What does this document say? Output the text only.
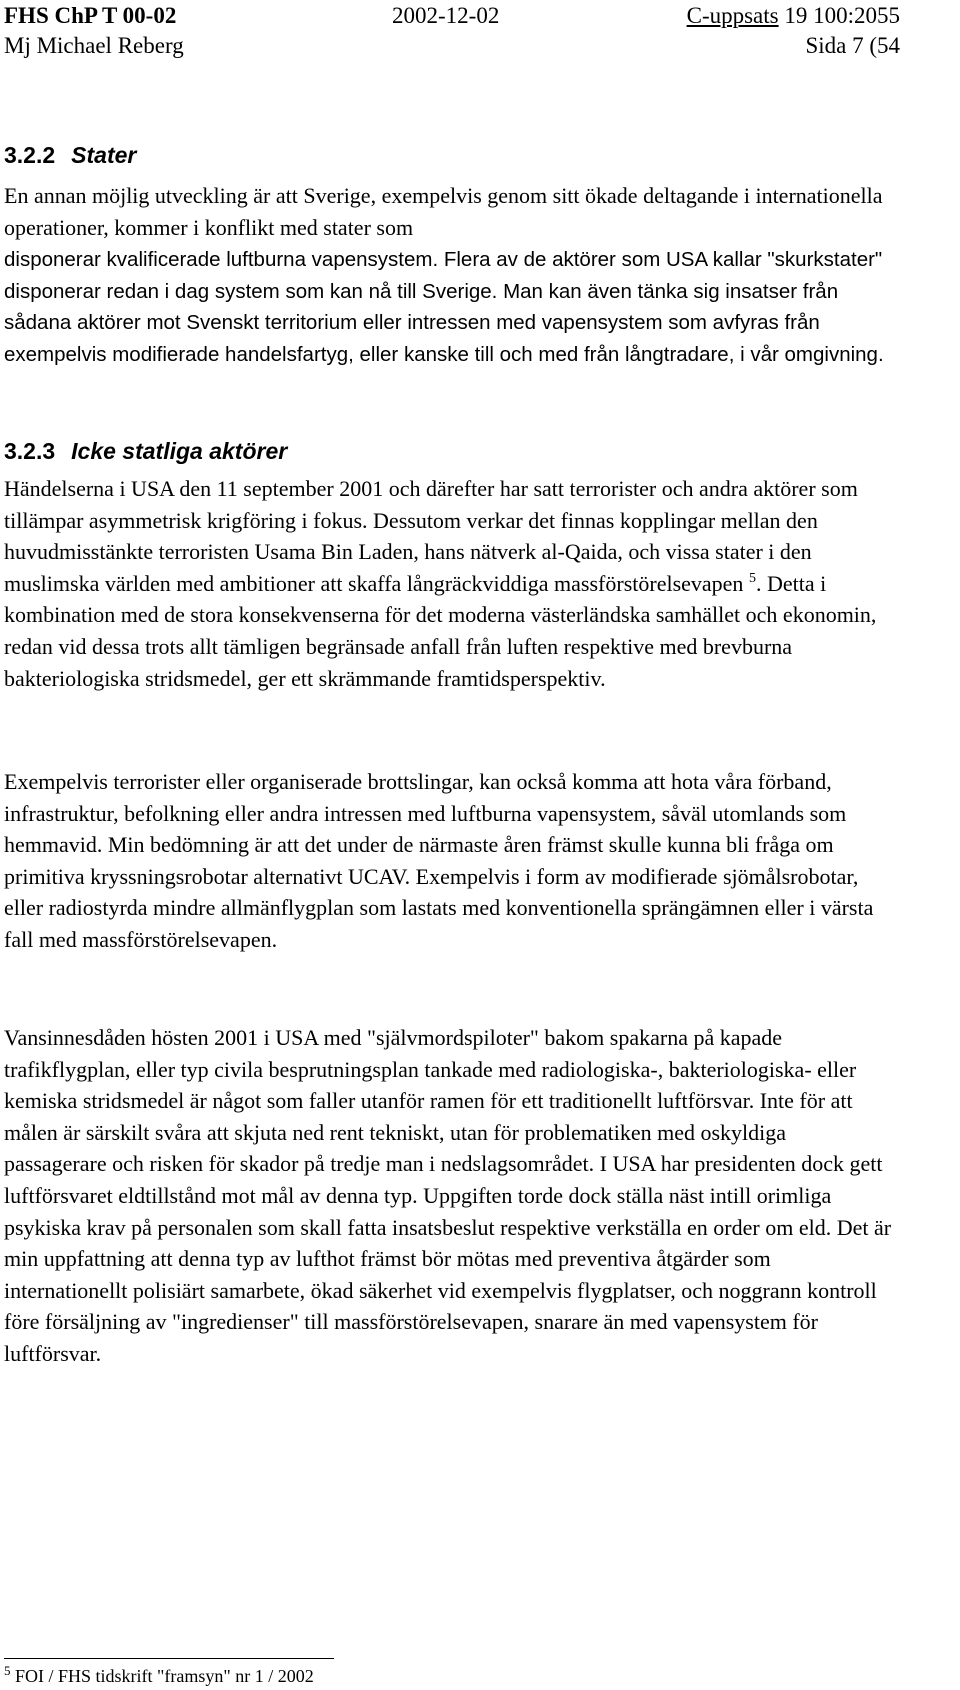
FHS ChP T 00-02	2002-12-02	C-uppsats 19 100:2055
Mj Michael Reberg	Sida 7 (54
3.2.2 Stater

En annan möjlig utveckling är att Sverige, exempelvis genom sitt ökade deltagande i internationella operationer, kommer i konflikt med stater som

disponerar kvalificerade luftburna vapensystem. Flera av de aktörer som USA kallar "skurkstater" disponerar redan i dag system som kan nå till Sverige. Man kan även tänka sig insatser från sådana aktörer mot Svenskt territorium eller intressen med vapensystem som avfyras från exempelvis modifierade handelsfartyg, eller kanske till och med från långtradare, i vår omgivning.

3.2.3 Icke statliga aktörer

Händelserna i USA den 11 september 2001 och därefter har satt terrorister och andra aktörer som tillämpar asymmetrisk krigföring i fokus. Dessutom verkar det finnas kopplingar mellan den huvudmisstänkte terroristen Usama Bin Laden, hans nätverk al-Qaida, och vissa stater i den muslimska världen med ambitioner att skaffa långräckviddiga massförstörelsevapen $^5$. Detta i kombination med de stora konsekvenserna för det moderna västerländska samhället och ekonomin, redan vid dessa trots allt tämligen begränsade anfall från luften respektive med brevburna bakteriologiska stridsmedel, ger ett skrämmande framtidsperspektiv.

Exempelvis terrorister eller organiserade brottslingar, kan också komma att hota våra förband, infrastruktur, befolkning eller andra intressen med luftburna vapensystem, såväl utomlands som hemmavid. Min bedömning är att det under de närmaste åren främst skulle kunna bli fråga om primitiva kryssningsrobotar alternativt UCAV. Exempelvis i form av modifierade sjömålsrobotar, eller radiostyrda mindre allmänflygplan som lastats med konventionella sprängämnen eller i värsta fall med massförstörelsevapen.

Vansinnesdåden hösten 2001 i USA med "självmordspiloter" bakom spakarna på kapade trafikflygplan, eller typ civila besprutningsplan tankade med radiologiska-, bakteriologiska- eller kemiska stridsmedel är något som faller utanför ramen för ett traditionellt luftförsvar. Inte för att målen är särskilt svåra att skjuta ned rent tekniskt, utan för problematiken med oskyldiga passagerare och risken för skador på tredje man i nedslagsområdet. I USA har presidenten dock gett luftförsvaret eldtillstånd mot mål av denna typ. Uppgiften torde dock ställa näst intill orimliga psykiska krav på personalen som skall fatta insatsbeslut respektive verkställa en order om eld. Det är min uppfattning att denna typ av lufthot främst bör mötas med preventiva åtgärder som internationellt polisiärt samarbete, ökad säkerhet vid exempelvis flygplatser, och noggrann kontroll före försäljning av "ingredienser" till massförstörelsevapen, snarare än med vapensystem för luftförsvar.

$^5$ FOI / FHS tidskrift "framsyn" nr 1 / 2002
